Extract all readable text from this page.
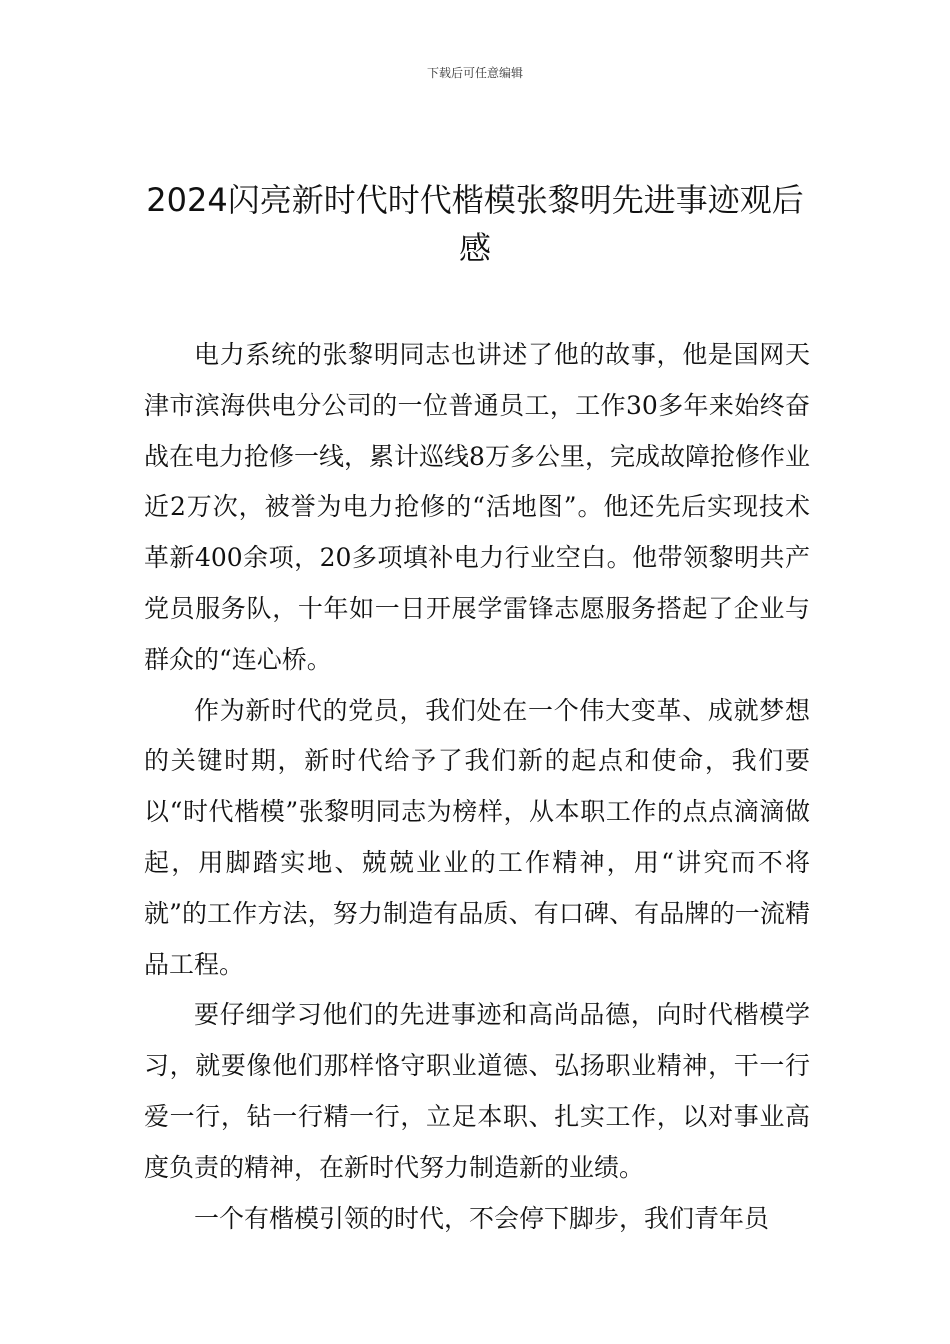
下载后可任意编辑
2024闪亮新时代时代楷模张黎明先进事迹观后感

电力系统的张黎明同志也讲述了他的故事，他是国网天津市滨海供电分公司的一位普通员工，工作30多年来始终奋战在电力抢修一线，累计巡线8万多公里，完成故障抢修作业近2万次，被誉为电力抢修的“活地图”。他还先后实现技术革新400余项，20多项填补电力行业空白。他带领黎明共产党员服务队，十年如一日开展学雷锋志愿服务搭起了企业与群众的“连心桥。

作为新时代的党员，我们处在一个伟大变革、成就梦想的关键时期，新时代给予了我们新的起点和使命，我们要以“时代楷模”张黎明同志为榜样，从本职工作的点点滴滴做起，用脚踏实地、兢兢业业的工作精神，用“讲究而不将就”的工作方法，努力制造有品质、有口碑、有品牌的一流精品工程。

要仔细学习他们的先进事迹和高尚品德，向时代楷模学习，就要像他们那样恪守职业道德、弘扬职业精神，干一行爱一行，钻一行精一行，立足本职、扎实工作，以对事业高度负责的精神，在新时代努力制造新的业绩。

一个有楷模引领的时代，不会停下脚步，我们青年员
